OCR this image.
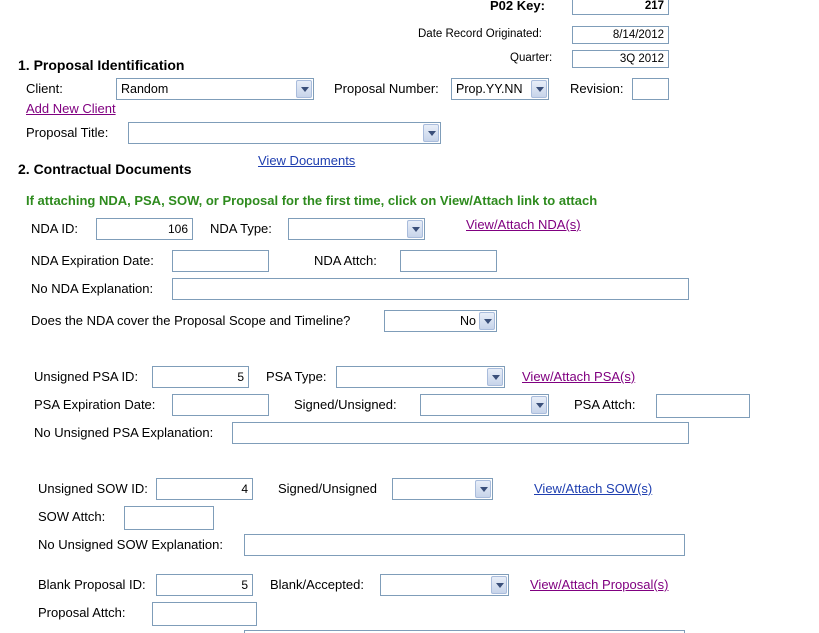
P02 Key:	217
Date Record Originated:	8/14/2012
Quarter:	3Q 2012
1. Proposal Identification
Client:	Random	Proposal Number:	Prop.YY.NN	Revision:
Add New Client
Proposal Title:
2. Contractual Documents
View Documents
If attaching NDA, PSA, SOW, or Proposal for the first time, click on View/Attach link to attach
NDA ID:	106	NDA Type:	View/Attach NDA(s)
NDA Expiration Date:	NDA Attch:
No NDA Explanation:
Does the NDA cover the Proposal Scope and Timeline?	No
Unsigned PSA ID:	5	PSA Type:	View/Attach PSA(s)
PSA Expiration Date:	Signed/Unsigned:	PSA Attch:
No Unsigned PSA Explanation:
Unsigned SOW ID:	4	Signed/Unsigned	View/Attach SOW(s)
SOW Attch:
No Unsigned SOW Explanation:
Blank Proposal ID:	5	Blank/Accepted:	View/Attach Proposal(s)
Proposal Attch:
